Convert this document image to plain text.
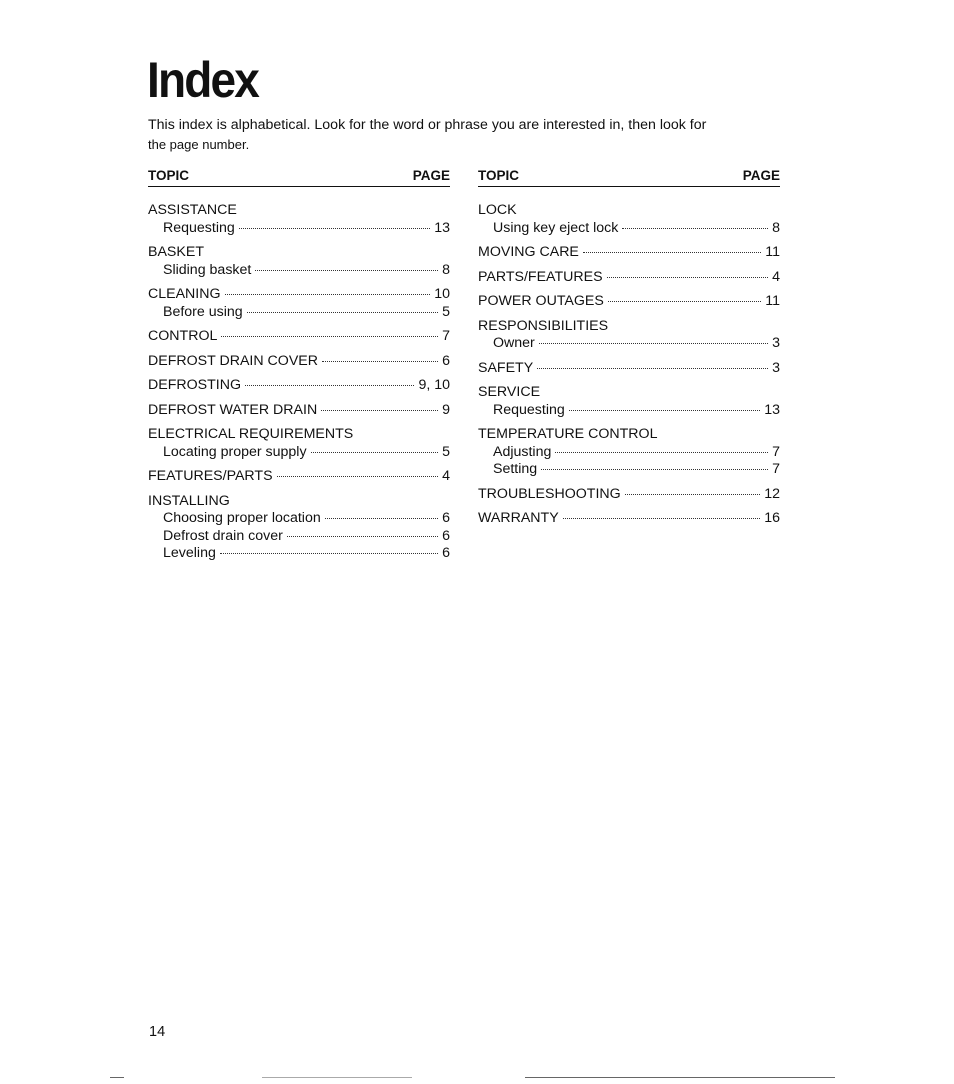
Index
This index is alphabetical. Look for the word or phrase you are interested in, then look for
the page number.
TOPIC	PAGE
ASSISTANCE
Requesting	13
BASKET
Sliding basket	8
CLEANING	10
Before using	5
CONTROL	7
DEFROST DRAIN COVER	6
DEFROSTING	9, 10
DEFROST WATER DRAIN	9
ELECTRICAL REQUIREMENTS
Locating proper supply	5
FEATURES/PARTS	4
INSTALLING
Choosing proper location	6
Defrost drain cover	6
Leveling	6
TOPIC	PAGE
LOCK
Using key eject lock	8
MOVING CARE	11
PARTS/FEATURES	4
POWER OUTAGES	11
RESPONSIBILITIES
Owner	3
SAFETY	3
SERVICE
Requesting	13
TEMPERATURE CONTROL
Adjusting	7
Setting	7
TROUBLESHOOTING	12
WARRANTY	16
14
